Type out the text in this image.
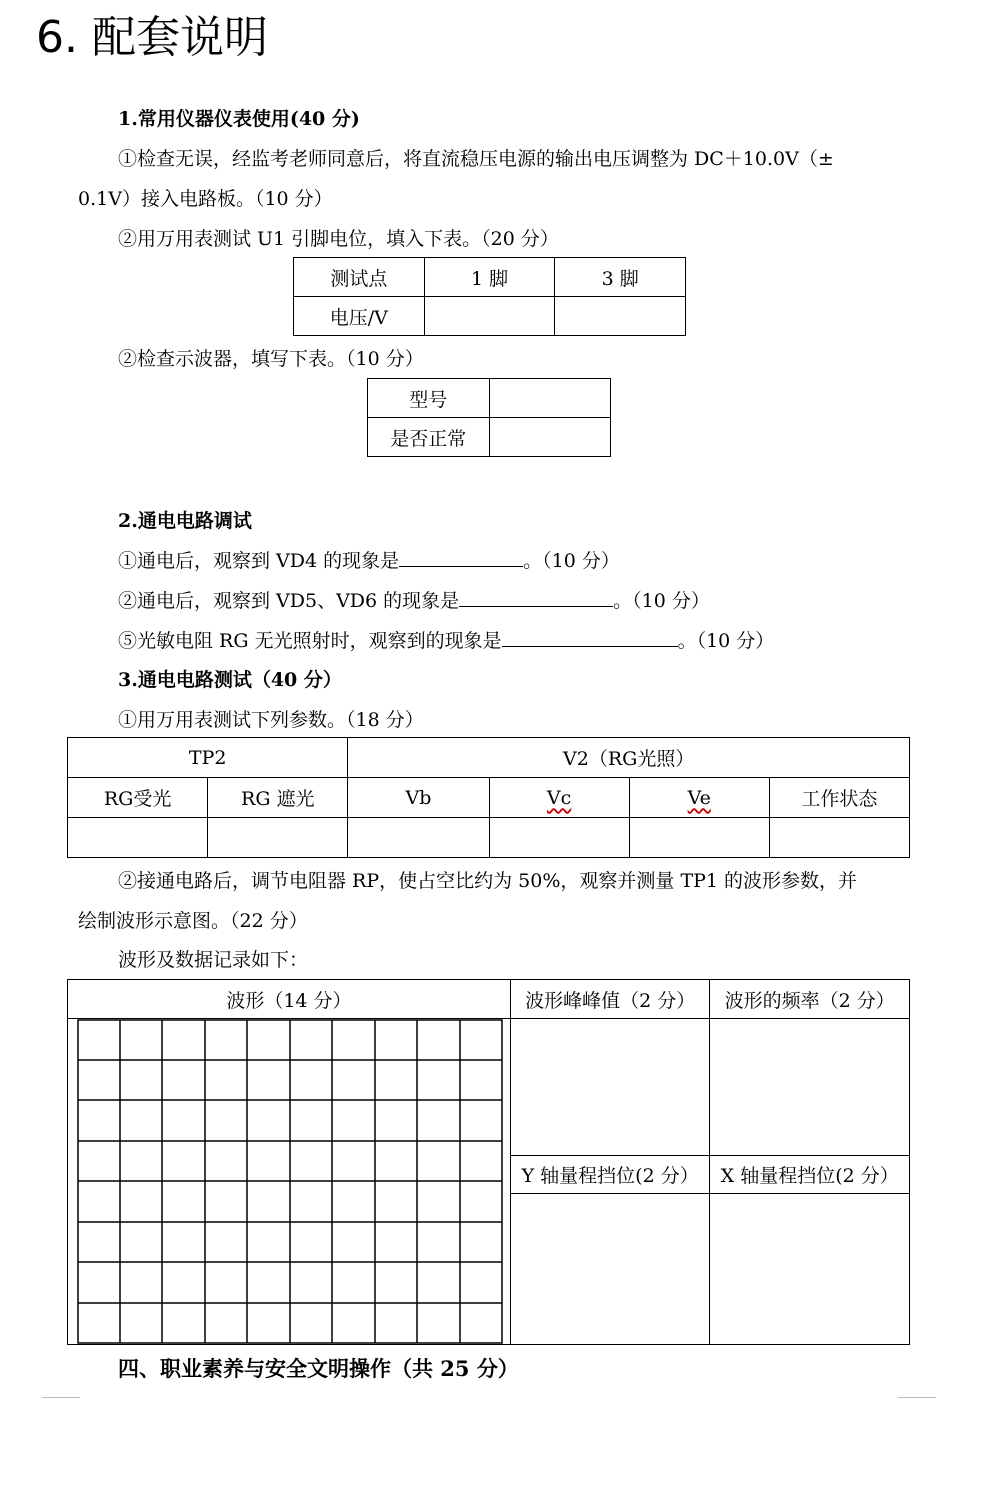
6. 配套说明
1.常用仪器仪表使用(40 分)
①检查无误，经监考老师同意后，将直流稳压电源的输出电压调整为 DC＋10.0V（±
0.1V）接入电路板。（10 分）
②用万用表测试 U1 引脚电位，填入下表。（20 分）
测试点	1 脚	3 脚
电压/V		
②检查示波器，填写下表。（10 分）
型号	
是否正常	
2.通电电路调试
①通电后，观察到 VD4 的现象是	。（10 分）
②通电后，观察到 VD5、VD6 的现象是	。（10 分）
⑤光敏电阻 RG 无光照射时，观察到的现象是	。（10 分）
3.通电电路测试（40 分）
①用万用表测试下列参数。（18 分）
TP2		V2（RG光照）			
RG受光	RG 遮光	Vb	Vc	Ve	工作状态

②接通电路后，调节电阻器 RP，使占空比约为 50%，观察并测量 TP1 的波形参数，并
绘制波形示意图。（22 分）
波形及数据记录如下：
波形（14 分）	波形峰峰值（2 分）	波形的频率（2 分）

	Y 轴量程挡位(2 分）	X 轴量程挡位(2 分）

四、职业素养与安全文明操作（共 25 分）
